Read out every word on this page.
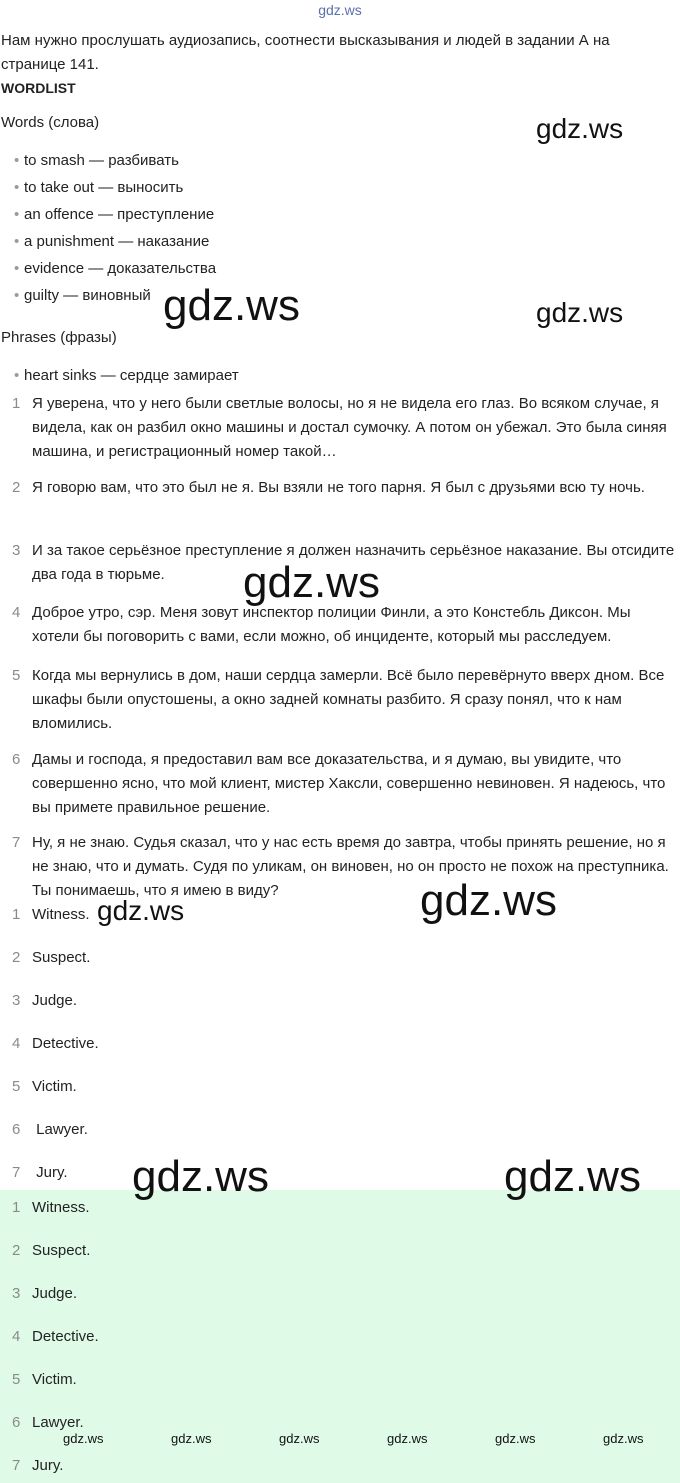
gdz.ws
Нам нужно прослушать аудиозапись, соотнести высказывания и людей в задании А на странице 141.
WORDLIST
Words (слова)
• to smash — разбивать
• to take out — выносить
• an offence — преступление
• a punishment — наказание
• evidence — доказательства
• guilty — виновный
Phrases (фразы)
• heart sinks — сердце замирает
1 Я уверена, что у него были светлые волосы, но я не видела его глаз. Во всяком случае, я видела, как он разбил окно машины и достал сумочку. А потом он убежал. Это была синяя машина, и регистрационный номер такой…
2 Я говорю вам, что это был не я. Вы взяли не того парня. Я был с друзьями всю ту ночь.
3 И за такое серьёзное преступление я должен назначить серьёзное наказание. Вы отсидите два года в тюрьме.
4 Доброе утро, сэр. Меня зовут инспектор полиции Финли, а это Констебль Диксон. Мы хотели бы поговорить с вами, если можно, об инциденте, который мы расследуем.
5 Когда мы вернулись в дом, наши сердца замерли. Всё было перевёрнуто вверх дном. Все шкафы были опустошены, а окно задней комнаты разбито. Я сразу понял, что к нам вломились.
6 Дамы и господа, я предоставил вам все доказательства, и я думаю, вы увидите, что совершенно ясно, что мой клиент, мистер Хаксли, совершенно невиновен. Я надеюсь, что вы примете правильное решение.
7 Ну, я не знаю. Судья сказал, что у нас есть время до завтра, чтобы принять решение, но я не знаю, что и думать. Судя по уликам, он виновен, но он просто не похож на преступника. Ты понимаешь, что я имею в виду?
1 Witness.
2 Suspect.
3 Judge.
4 Detective.
5 Victim.
6 Lawyer.
7 Jury.
1 Witness.
2 Suspect.
3 Judge.
4 Detective.
5 Victim.
6 Lawyer.
7 Jury.
gdz.ws
gdz.ws	gdz.ws
gdz.ws
gdz.ws
gdz.ws
gdz.ws	gdz.ws
gdz.ws	gdz.ws	gdz.ws	gdz.ws	gdz.ws	gdz.ws
